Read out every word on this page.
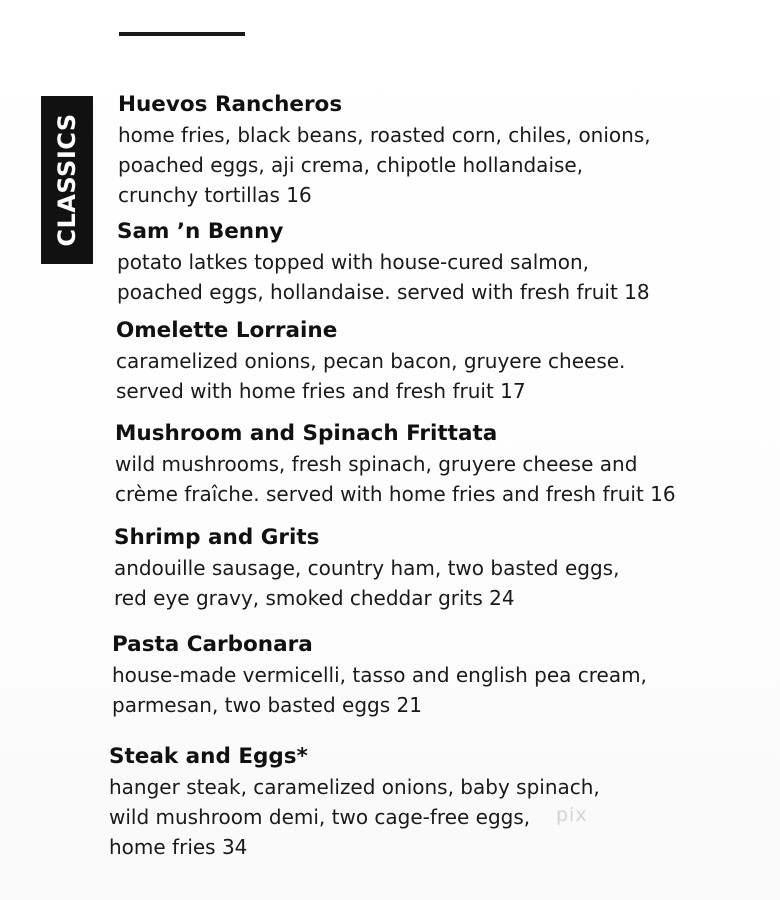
CLASSICS
Huevos Rancheros
home fries, black beans, roasted corn, chiles, onions,
poached eggs, aji crema, chipotle hollandaise,
crunchy tortillas 16
Sam ’n Benny
potato latkes topped with house-cured salmon,
poached eggs, hollandaise. served with fresh fruit 18
Omelette Lorraine
caramelized onions, pecan bacon, gruyere cheese.
served with home fries and fresh fruit 17
Mushroom and Spinach Frittata
wild mushrooms, fresh spinach, gruyere cheese and
crème fraîche. served with home fries and fresh fruit 16
Shrimp and Grits
andouille sausage, country ham, two basted eggs,
red eye gravy, smoked cheddar grits 24
Pasta Carbonara
house-made vermicelli, tasso and english pea cream,
parmesan, two basted eggs 21
Steak and Eggs*
hanger steak, caramelized onions, baby spinach,
wild mushroom demi, two cage-free eggs,
home fries 34
pix
